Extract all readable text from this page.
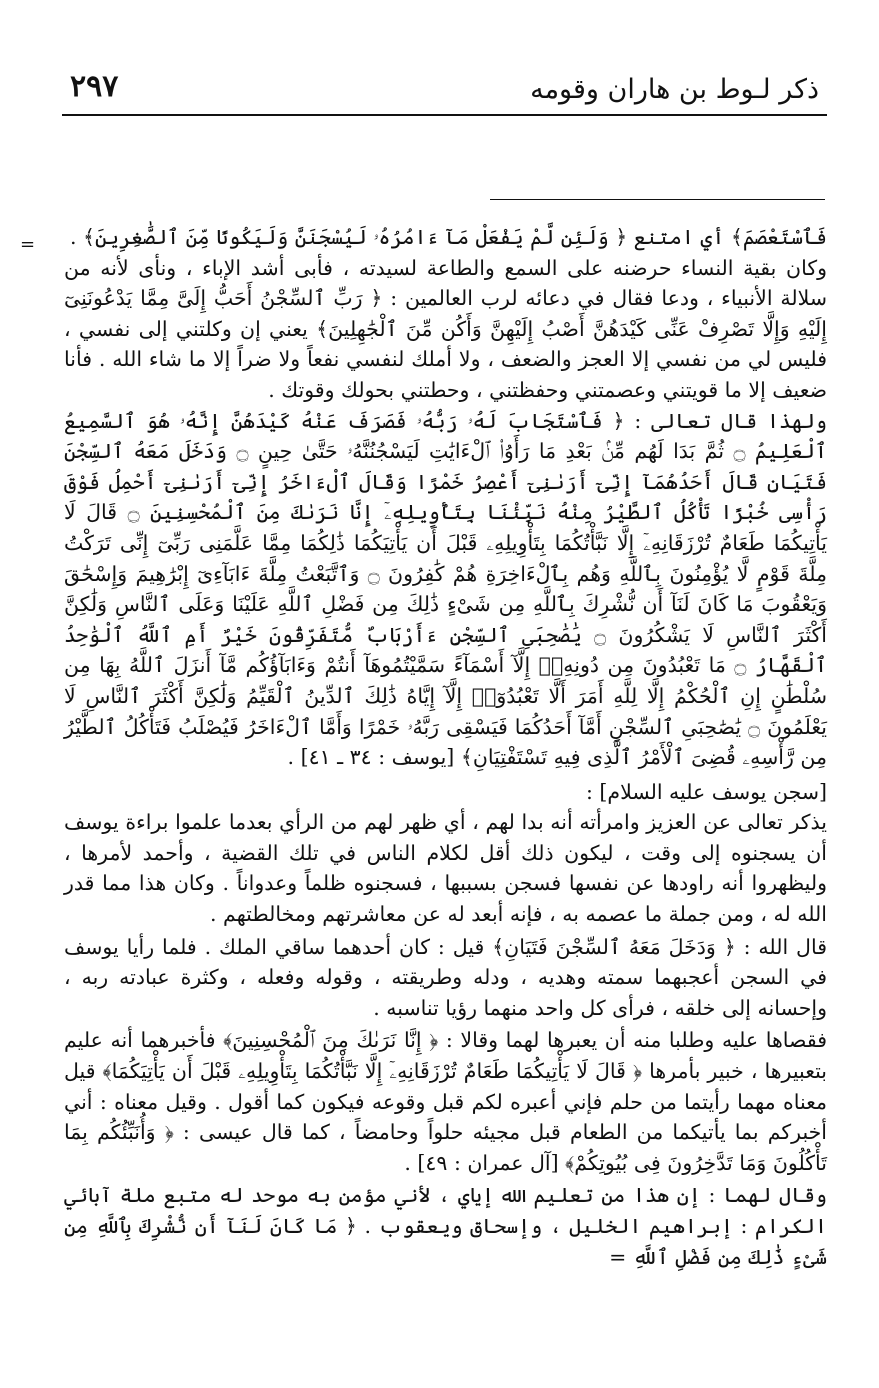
ذكر لـوط بن هاران وقومه
٢٩٧
= فَٱسْتَعْصَمَ﴾ أي امتنع ﴿ وَلَئِن لَّمْ يَفْعَلْ مَآ ءَامُرُهُۥ لَيُسْجَنَنَّ وَلَيَكُونًا مِّنَ ٱلصَّٰغِرِينَ﴾ .

وكان بقية النساء حرضنه على السمع والطاعة لسيدته ، فأبى أشد الإباء ، ونأى لأنه من سلالة الأنبياء ، ودعا فقال في دعائه لرب العالمين : ﴿ رَبِّ ٱلسِّجْنُ أَحَبُّ إِلَىَّ مِمَّا يَدْعُونَنِىٓ إِلَيْهِ وَإِلَّا تَصْرِفْ عَنِّى كَيْدَهُنَّ أَصْبُ إِلَيْهِنَّ وَأَكُن مِّنَ ٱلْجَٰهِلِينَ﴾ يعني إن وكلتني إلى نفسي ، فليس لي من نفسي إلا العجز والضعف ، ولا أملك لنفسي نفعاً ولا ضراً إلا ما شاء الله . فأنا ضعيف إلا ما قويتني وعصمتني وحفظتني ، وحطتني بحولك وقوتك .

ولهذا قال تعالى : ﴿ فَٱسْتَجَابَ لَهُۥ رَبُّهُۥ فَصَرَفَ عَنْهُ كَيْدَهُنَّ إِنَّهُۥ هُوَ ٱلسَّمِيعُ ٱلْعَلِيمُ ۝ ثُمَّ بَدَا لَهُم مِّنۢ بَعْدِ مَا رَأَوُا۟ ٱلْءَايَٰتِ لَيَسْجُنُنَّهُۥ حَتَّىٰ حِينٍ ۝ وَدَخَلَ مَعَهُ ٱلسِّجْنَ فَتَيَانِ قَالَ أَحَدُهُمَآ إِنِّىٓ أَرَىٰنِىٓ أَعْصِرُ خَمْرًا وَقَالَ ٱلْءَاخَرُ إِنِّىٓ أَرَىٰنِىٓ أَحْمِلُ فَوْقَ رَأْسِى خُبْزًا تَأْكُلُ ٱلطَّيْرُ مِنْهُ نَبِّئْنَا بِتَأْوِيلِهِۦٓ إِنَّا نَرَىٰكَ مِنَ ٱلْمُحْسِنِينَ ۝ قَالَ لَا يَأْتِيكُمَا طَعَامٌ تُرْزَقَانِهِۦٓ إِلَّا نَبَّأْتُكُمَا بِتَأْوِيلِهِۦ قَبْلَ أَن يَأْتِيَكُمَا ذَٰلِكُمَا مِمَّا عَلَّمَنِى رَبِّىٓ إِنِّى تَرَكْتُ مِلَّةَ قَوْمٍ لَّا يُؤْمِنُونَ بِٱللَّهِ وَهُم بِٱلْءَاخِرَةِ هُمْ كَٰفِرُونَ ۝ وَٱتَّبَعْتُ مِلَّةَ ءَابَآءِىٓ إِبْرَٰهِيمَ وَإِسْحَٰقَ وَيَعْقُوبَ مَا كَانَ لَنَآ أَن نُّشْرِكَ بِٱللَّهِ مِن شَىْءٍ ذَٰلِكَ مِن فَضْلِ ٱللَّهِ عَلَيْنَا وَعَلَى ٱلنَّاسِ وَلَٰكِنَّ أَكْثَرَ ٱلنَّاسِ لَا يَشْكُرُونَ ۝ يَٰصَٰحِبَىِ ٱلسِّجْنِ ءَأَرْبَابٌ مُّتَفَرِّقُونَ خَيْرٌ أَمِ ٱللَّهُ ٱلْوَٰحِدُ ٱلْقَهَّارُ ۝ مَا تَعْبُدُونَ مِن دُونِهِۦٓ إِلَّآ أَسْمَآءً سَمَّيْتُمُوهَآ أَنتُمْ وَءَابَآؤُكُم مَّآ أَنزَلَ ٱللَّهُ بِهَا مِن سُلْطَٰنٍ إِنِ ٱلْحُكْمُ إِلَّا لِلَّهِ أَمَرَ أَلَّا تَعْبُدُوٓا۟ إِلَّآ إِيَّاهُ ذَٰلِكَ ٱلدِّينُ ٱلْقَيِّمُ وَلَٰكِنَّ أَكْثَرَ ٱلنَّاسِ لَا يَعْلَمُونَ ۝ يَٰصَٰحِبَىِ ٱلسِّجْنِ أَمَّآ أَحَدُكُمَا فَيَسْقِى رَبَّهُۥ خَمْرًا وَأَمَّا ٱلْءَاخَرُ فَيُصْلَبُ فَتَأْكُلُ ٱلطَّيْرُ مِن رَّأْسِهِۦ قُضِىَ ٱلْأَمْرُ ٱلَّذِى فِيهِ تَسْتَفْتِيَانِ﴾ [يوسف : ٣٤ ـ ٤١] .

[سجن يوسف عليه السلام] :

يذكر تعالى عن العزيز وامرأته أنه بدا لهم ، أي ظهر لهم من الرأي بعدما علموا براءة يوسف أن يسجنوه إلى وقت ، ليكون ذلك أقل لكلام الناس في تلك القضية ، وأحمد لأمرها ، وليظهروا أنه راودها عن نفسها فسجن بسببها ، فسجنوه ظلماً وعدواناً . وكان هذا مما قدر الله له ، ومن جملة ما عصمه به ، فإنه أبعد له عن معاشرتهم ومخالطتهم .

قال الله : ﴿ وَدَخَلَ مَعَهُ ٱلسِّجْنَ فَتَيَانِ﴾ قيل : كان أحدهما ساقي الملك . فلما رأيا يوسف في السجن أعجبهما سمته وهديه ، ودله وطريقته ، وقوله وفعله ، وكثرة عبادته ربه ، وإحسانه إلى خلقه ، فرأى كل واحد منهما رؤيا تناسبه .

فقصاها عليه وطلبا منه أن يعبرها لهما وقالا : ﴿ إِنَّا نَرَىٰكَ مِنَ ٱلْمُحْسِنِينَ﴾ فأخبرهما أنه عليم بتعبيرها ، خبير بأمرها ﴿ قَالَ لَا يَأْتِيكُمَا طَعَامٌ تُرْزَقَانِهِۦٓ إِلَّا نَبَّأْتُكُمَا بِتَأْوِيلِهِۦ قَبْلَ أَن يَأْتِيَكُمَا﴾ قيل معناه مهما رأيتما من حلم فإني أعبره لكم قبل وقوعه فيكون كما أقول . وقيل معناه : أني أخبركم بما يأتيكما من الطعام قبل مجيئه حلواً وحامضاً ، كما قال عيسى : ﴿ وَأُنَبِّئُكُم بِمَا تَأْكُلُونَ وَمَا تَدَّخِرُونَ فِى بُيُوتِكُمْ﴾ [آل عمران : ٤٩] .

وقال لهما : إن هذا من تعليم الله إياي ، لأني مؤمن به موحد له متبع ملة آبائي الكرام : إبراهيم الخليل ، وإسحاق ويعقوب . ﴿ مَا كَانَ لَنَآ أَن نُّشْرِكَ بِٱللَّهِ مِن شَىْءٍ ذَٰلِكَ مِن فَضْلِ ٱللَّهِ =
